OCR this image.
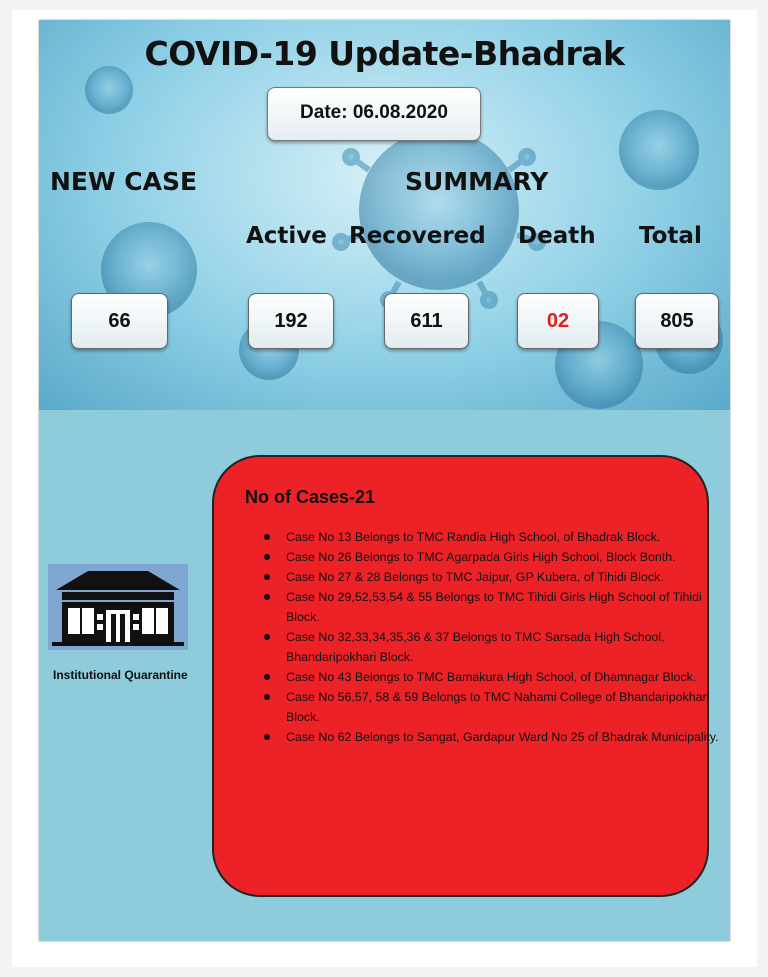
COVID-19 Update-Bhadrak
Date: 06.08.2020
NEW CASE	SUMMARY
Active Recovered Death Total
66	192	611	02	805
Institutional Quarantine
No of Cases-21
Case No 13 Belongs to TMC Randia High School, of Bhadrak Block.
Case No 26 Belongs to TMC Agarpada Girls High School, Block Bonth.
Case No 27 & 28 Belongs to TMC Jaipur, GP Kubera, of Tihidi Block.
Case No 29,52,53,54 & 55 Belongs to TMC Tihidi Girls High School of Tihidi Block.
Case No 32,33,34,35,36 & 37 Belongs to TMC Sarsada High School, Bhandaripokhari Block.
Case No 43 Belongs to TMC Bamakura High School, of Dhamnagar Block.
Case No 56,57, 58 & 59 Belongs to TMC Nahami College of Bhandaripokhari Block.
Case No 62 Belongs to Sangat, Gardapur Ward No 25 of Bhadrak Municipality.
